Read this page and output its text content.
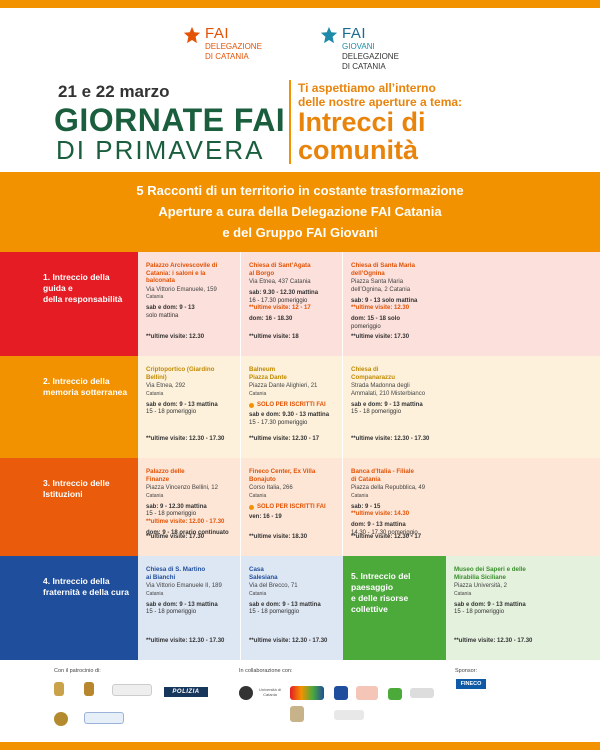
FAI
DELEGAZIONE
DI CATANIA
FAI
GIOVANI
DELEGAZIONE
DI CATANIA
21 e 22 marzo
GIORNATE FAI
DI PRIMAVERA
Ti aspettiamo all’interno
delle nostre aperture a tema:
Intrecci di
comunità
5 Racconti di un territorio in costante trasformazione
Aperture a cura della Delegazione FAI Catania
e del Gruppo FAI Giovani
1. Intreccio della
guida e
della responsabilità
Palazzo Arcivescovile di
Catania: i saloni e la
balconata
Via Vittorio Emanuele, 159
Catania
sab e dom: 9 - 13
solo mattina
**ultime visite: 12.30
Chiesa di Sant’Agata
al Borgo
Via Etnea, 437 Catania
sab: 9.30 - 12.30 mattina
16 - 17.30 pomeriggio
**ultime visite: 12 - 17
dom: 16 - 18.30
**ultime visite: 18
Chiesa di Santa Maria
dell’Ognina
Piazza Santa Maria
dell’Ognina, 2 Catania
sab: 9 - 13 solo mattina
**ultime visite: 12.30
dom: 15 - 18 solo
pomeriggio
**ultime visite: 17.30
2. Intreccio della
memoria sotterranea
Criptoportico (Giardino
Bellini)
Via Etnea, 292
Catania
sab e dom: 9 - 13 mattina
15 - 18 pomeriggio
**ultime visite: 12.30 - 17.30
Balneum
Piazza Dante
Piazza Dante Alighieri, 21
Catania
SOLO PER ISCRITTI FAI
sab e dom: 9.30 - 13 mattina
15 - 17.30 pomeriggio
**ultime visite: 12.30 - 17
Chiesa di
Companarazzu
Strada Madonna degli
Ammalati, 210 Misterbianco
sab e dom: 9 - 13 mattina
15 - 18 pomeriggio
**ultime visite: 12.30 - 17.30
3. Intreccio delle
Istituzioni
Palazzo delle
Finanze
Piazza Vincenzo Bellini, 12
Catania
sab: 9 - 12.30 mattina
15 - 18 pomeriggio
**ultime visite: 12.00 - 17.30
dom: 9 - 18 orario continuato
**ultime visite: 17.30
Fineco Center, Ex Villa
Bonajuto
Corso Italia, 266
Catania
SOLO PER ISCRITTI FAI
ven: 16 - 19
**ultime visite: 18.30
Banca d’Italia - Filiale
di Catania
Piazza della Repubblica, 49
Catania
sab: 9 - 15
**ultime visite: 14.30
dom: 9 - 13 mattina
14.30 - 17.30 pomeriggio
**ultime visite: 12.30 - 17
4. Intreccio della
fraternità e della cura
Chiesa di S. Martino
ai Bianchi
Via Vittorio Emanuele II, 189
Catania
sab e dom: 9 - 13 mattina
15 - 18 pomeriggio
**ultime visite: 12.30 - 17.30
Casa
Salesiana
Via del Brecco, 71
Catania
sab e dom: 9 - 13 mattina
15 - 18 pomeriggio
**ultime visite: 12.30 - 17.30
5. Intreccio del
paesaggio
e delle risorse
collettive
Museo dei Saperi e delle
Mirabilia Siciliane
Piazza Università, 2
Catania
sab e dom: 9 - 13 mattina
15 - 18 pomeriggio
**ultime visite: 12.30 - 17.30
Con il patrocinio di:	In collaborazione con:	Sponsor:
POLIZIA	Università di Catania
FINECO
